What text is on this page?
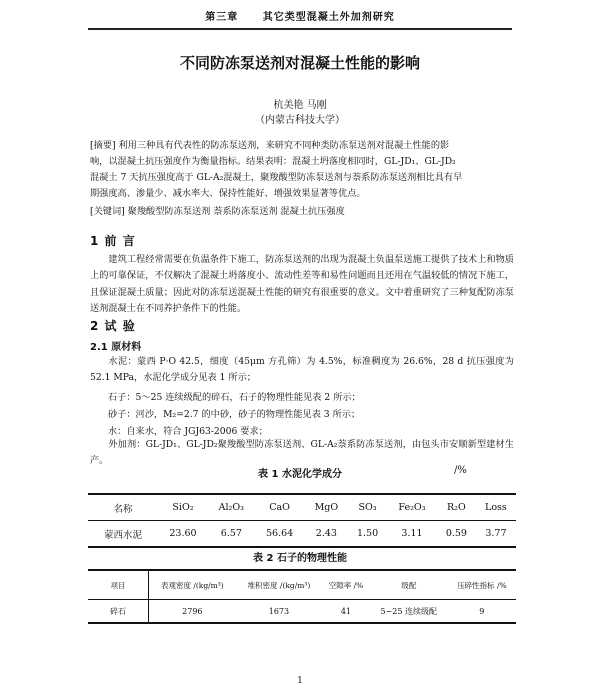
第三章 其它类型混凝土外加剂研究
不同防冻泵送剂对混凝土性能的影响
杭美艳 马刚
（内蒙古科技大学）
[摘要] 利用三种具有代表性的防冻泵送剂，来研究不同种类防冻泵送剂对混凝土性能的影
响，以混凝土抗压强度作为衡量指标。结果表明：混凝土坍落度相同时，GL-JD₁、GL-JD₂
混凝土 7 天抗压强度高于 GL-A₂混凝土，聚羧酸型防冻泵送剂与萘系防冻泵送剂相比具有早
期强度高、渗量少、减水率大、保持性能好、增强效果显著等优点。
[关键词] 聚羧酸型防冻泵送剂 萘系防冻泵送剂 混凝土抗压强度
1 前 言
建筑工程经常需要在负温条件下施工，防冻泵送剂的出现为混凝土负温泵送施工提供了技术上和物质上的可靠保证，不仅解决了混凝土坍落度小、流动性差等和易性问题而且还用在气温较低的情况下施工，且保证混凝土质量；因此对防冻泵送混凝土性能的研究有很重要的意义。文中着重研究了三种复配防冻泵送剂混凝土在不同养护条件下的性能。
2 试 验
2.1 原材料
水泥：蒙西 P·O 42.5，细度（45μm 方孔筛）为 4.5%，标准稠度为 26.6%，28 d 抗压强度为 52.1 MPa，水泥化学成分见表 1 所示；
石子：5～25 连续级配的碎石，石子的物理性能见表 2 所示；
砂子：河沙，M₂=2.7 的中砂，砂子的物理性能见表 3 所示；
水：自来水，符合 JGJ63-2006 要求；
外加剂：GL-JD₁、GL-JD₂聚羧酸型防冻泵送剂、GL-A₂萘系防冻泵送剂，由包头市安顺新型建材生产。
表 1 水泥化学成分	/%
名称	SiO₂	Al₂O₃	CaO	MgO	SO₃	Fe₂O₃	R₂O	Loss
蒙西水泥	23.60	6.57	56.64	2.43	1.50	3.11	0.59	3.77
表 2 石子的物理性能
项目	表观密度 /(kg/m³)	堆积密度 /(kg/m³)	空隙率 /%	级配	压碎性指标 /%
碎石	2796	1673	41	5~25 连续级配	9
1
